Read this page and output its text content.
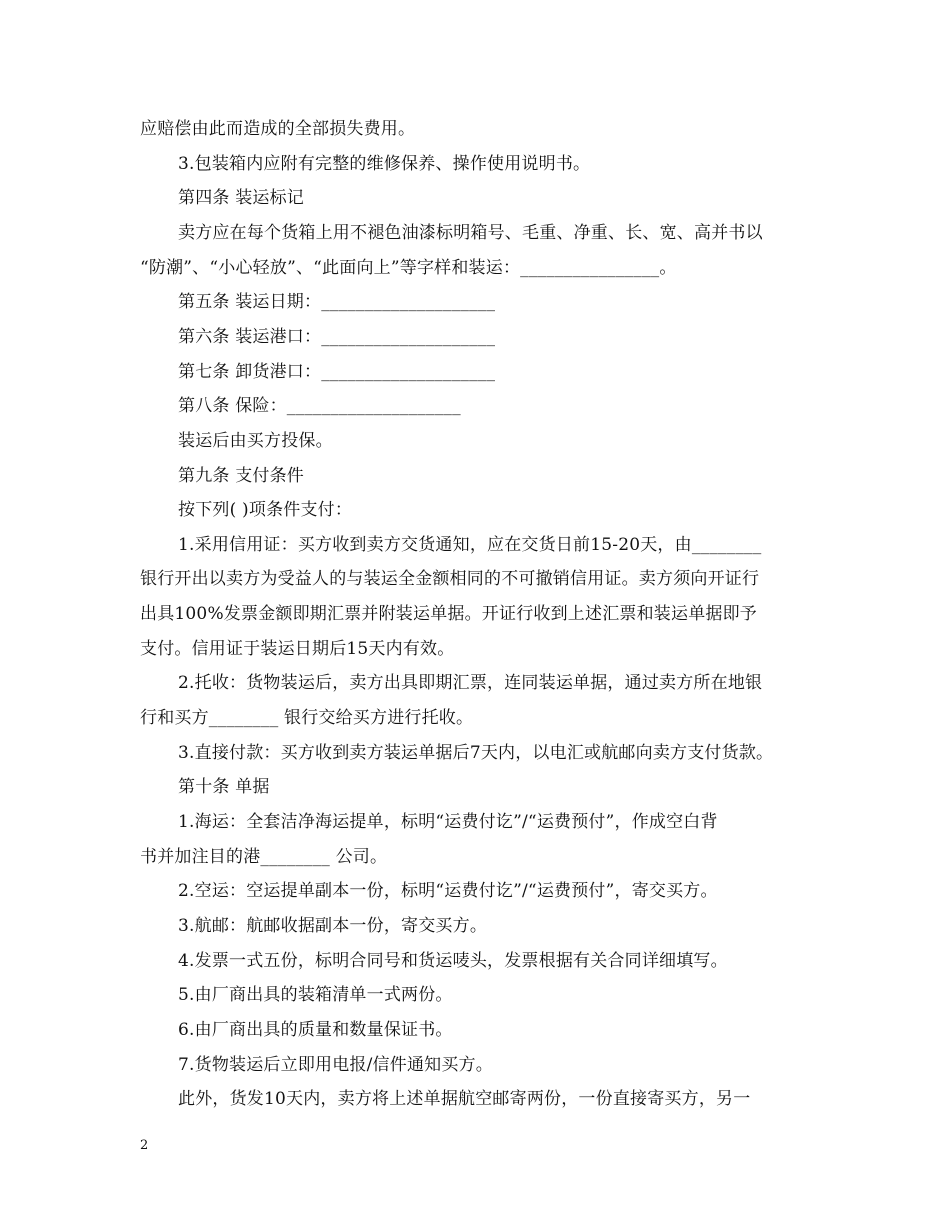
应赔偿由此而造成的全部损失费用。
3.包装箱内应附有完整的维修保养、操作使用说明书。
第四条 装运标记
卖方应在每个货箱上用不褪色油漆标明箱号、毛重、净重、长、宽、高并书以
“防潮”、“小心轻放”、“此面向上”等字样和装运：________________。
第五条 装运日期：____________________
第六条 装运港口：____________________
第七条 卸货港口：____________________
第八条 保险：____________________
装运后由买方投保。
第九条 支付条件
按下列( )项条件支付：
1.采用信用证：买方收到卖方交货通知，应在交货日前15-20天，由________
银行开出以卖方为受益人的与装运全金额相同的不可撤销信用证。卖方须向开证行
出具100%发票金额即期汇票并附装运单据。开证行收到上述汇票和装运单据即予
支付。信用证于装运日期后15天内有效。
2.托收：货物装运后，卖方出具即期汇票，连同装运单据，通过卖方所在地银
行和买方________ 银行交给买方进行托收。
3.直接付款：买方收到卖方装运单据后7天内，以电汇或航邮向卖方支付货款。
第十条 单据
1.海运：全套洁净海运提单，标明“运费付讫”/“运费预付”，作成空白背
书并加注目的港________ 公司。
2.空运：空运提单副本一份，标明“运费付讫”/“运费预付”，寄交买方。
3.航邮：航邮收据副本一份，寄交买方。
4.发票一式五份，标明合同号和货运唛头，发票根据有关合同详细填写。
5.由厂商出具的装箱清单一式两份。
6.由厂商出具的质量和数量保证书。
7.货物装运后立即用电报/信件通知买方。
此外，货发10天内，卖方将上述单据航空邮寄两份，一份直接寄买方，另一
2
